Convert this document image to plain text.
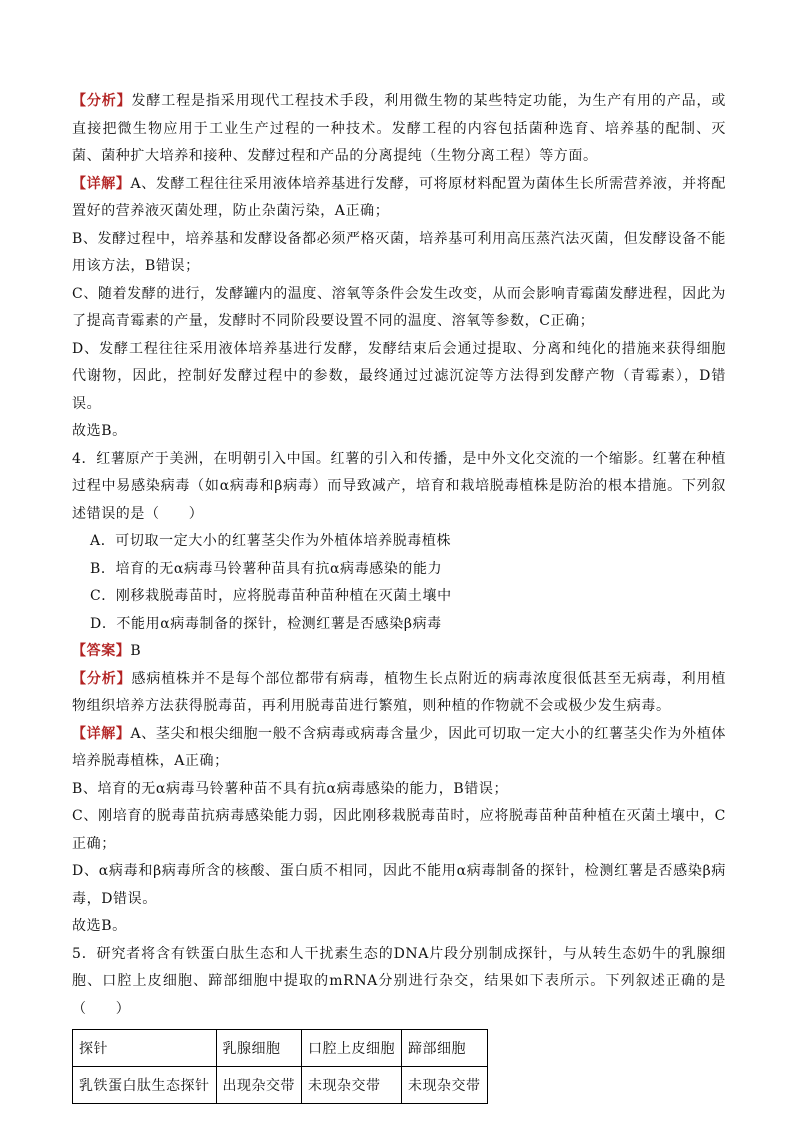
【分析】发酵工程是指采用现代工程技术手段，利用微生物的某些特定功能，为生产有用的产品，或直接把微生物应用于工业生产过程的一种技术。发酵工程的内容包括菌种选育、培养基的配制、灭菌、菌种扩大培养和接种、发酵过程和产品的分离提纯（生物分离工程）等方面。

【详解】A、发酵工程往往采用液体培养基进行发酵，可将原材料配置为菌体生长所需营养液，并将配置好的营养液灭菌处理，防止杂菌污染，A正确；

B、发酵过程中，培养基和发酵设备都必须严格灭菌，培养基可利用高压蒸汽法灭菌，但发酵设备不能用该方法，B错误；

C、随着发酵的进行，发酵罐内的温度、溶氧等条件会发生改变，从而会影响青霉菌发酵进程，因此为了提高青霉素的产量，发酵时不同阶段要设置不同的温度、溶氧等参数，C正确；

D、发酵工程往往采用液体培养基进行发酵，发酵结束后会通过提取、分离和纯化的措施来获得细胞代谢物，因此，控制好发酵过程中的参数，最终通过过滤沉淀等方法得到发酵产物（青霉素），D错误。

故选B。

4．红薯原产于美洲，在明朝引入中国。红薯的引入和传播，是中外文化交流的一个缩影。红薯在种植过程中易感染病毒（如α病毒和β病毒）而导致减产，培育和栽培脱毒植株是防治的根本措施。下列叙述错误的是（　　）

A．可切取一定大小的红薯茎尖作为外植体培养脱毒植株

B．培育的无α病毒马铃薯种苗具有抗α病毒感染的能力

C．刚移栽脱毒苗时，应将脱毒苗种苗种植在灭菌土壤中

D．不能用α病毒制备的探针，检测红薯是否感染β病毒

【答案】B

【分析】感病植株并不是每个部位都带有病毒，植物生长点附近的病毒浓度很低甚至无病毒，利用植物组织培养方法获得脱毒苗，再利用脱毒苗进行繁殖，则种植的作物就不会或极少发生病毒。

【详解】A、茎尖和根尖细胞一般不含病毒或病毒含量少，因此可切取一定大小的红薯茎尖作为外植体培养脱毒植株，A正确；

B、培育的无α病毒马铃薯种苗不具有抗α病毒感染的能力，B错误；

C、刚培育的脱毒苗抗病毒感染能力弱，因此刚移栽脱毒苗时，应将脱毒苗种苗种植在灭菌土壤中，C正确；

D、α病毒和β病毒所含的核酸、蛋白质不相同，因此不能用α病毒制备的探针，检测红薯是否感染β病毒，D错误。

故选B。

5．研究者将含有铁蛋白肽生态和人干扰素生态的DNA片段分别制成探针，与从转生态奶牛的乳腺细胞、口腔上皮细胞、蹄部细胞中提取的mRNA分别进行杂交，结果如下表所示。下列叙述正确的是（　　）

探针	乳腺细胞	口腔上皮细胞	蹄部细胞
乳铁蛋白肽生态探针	出现杂交带	未现杂交带	未现杂交带
